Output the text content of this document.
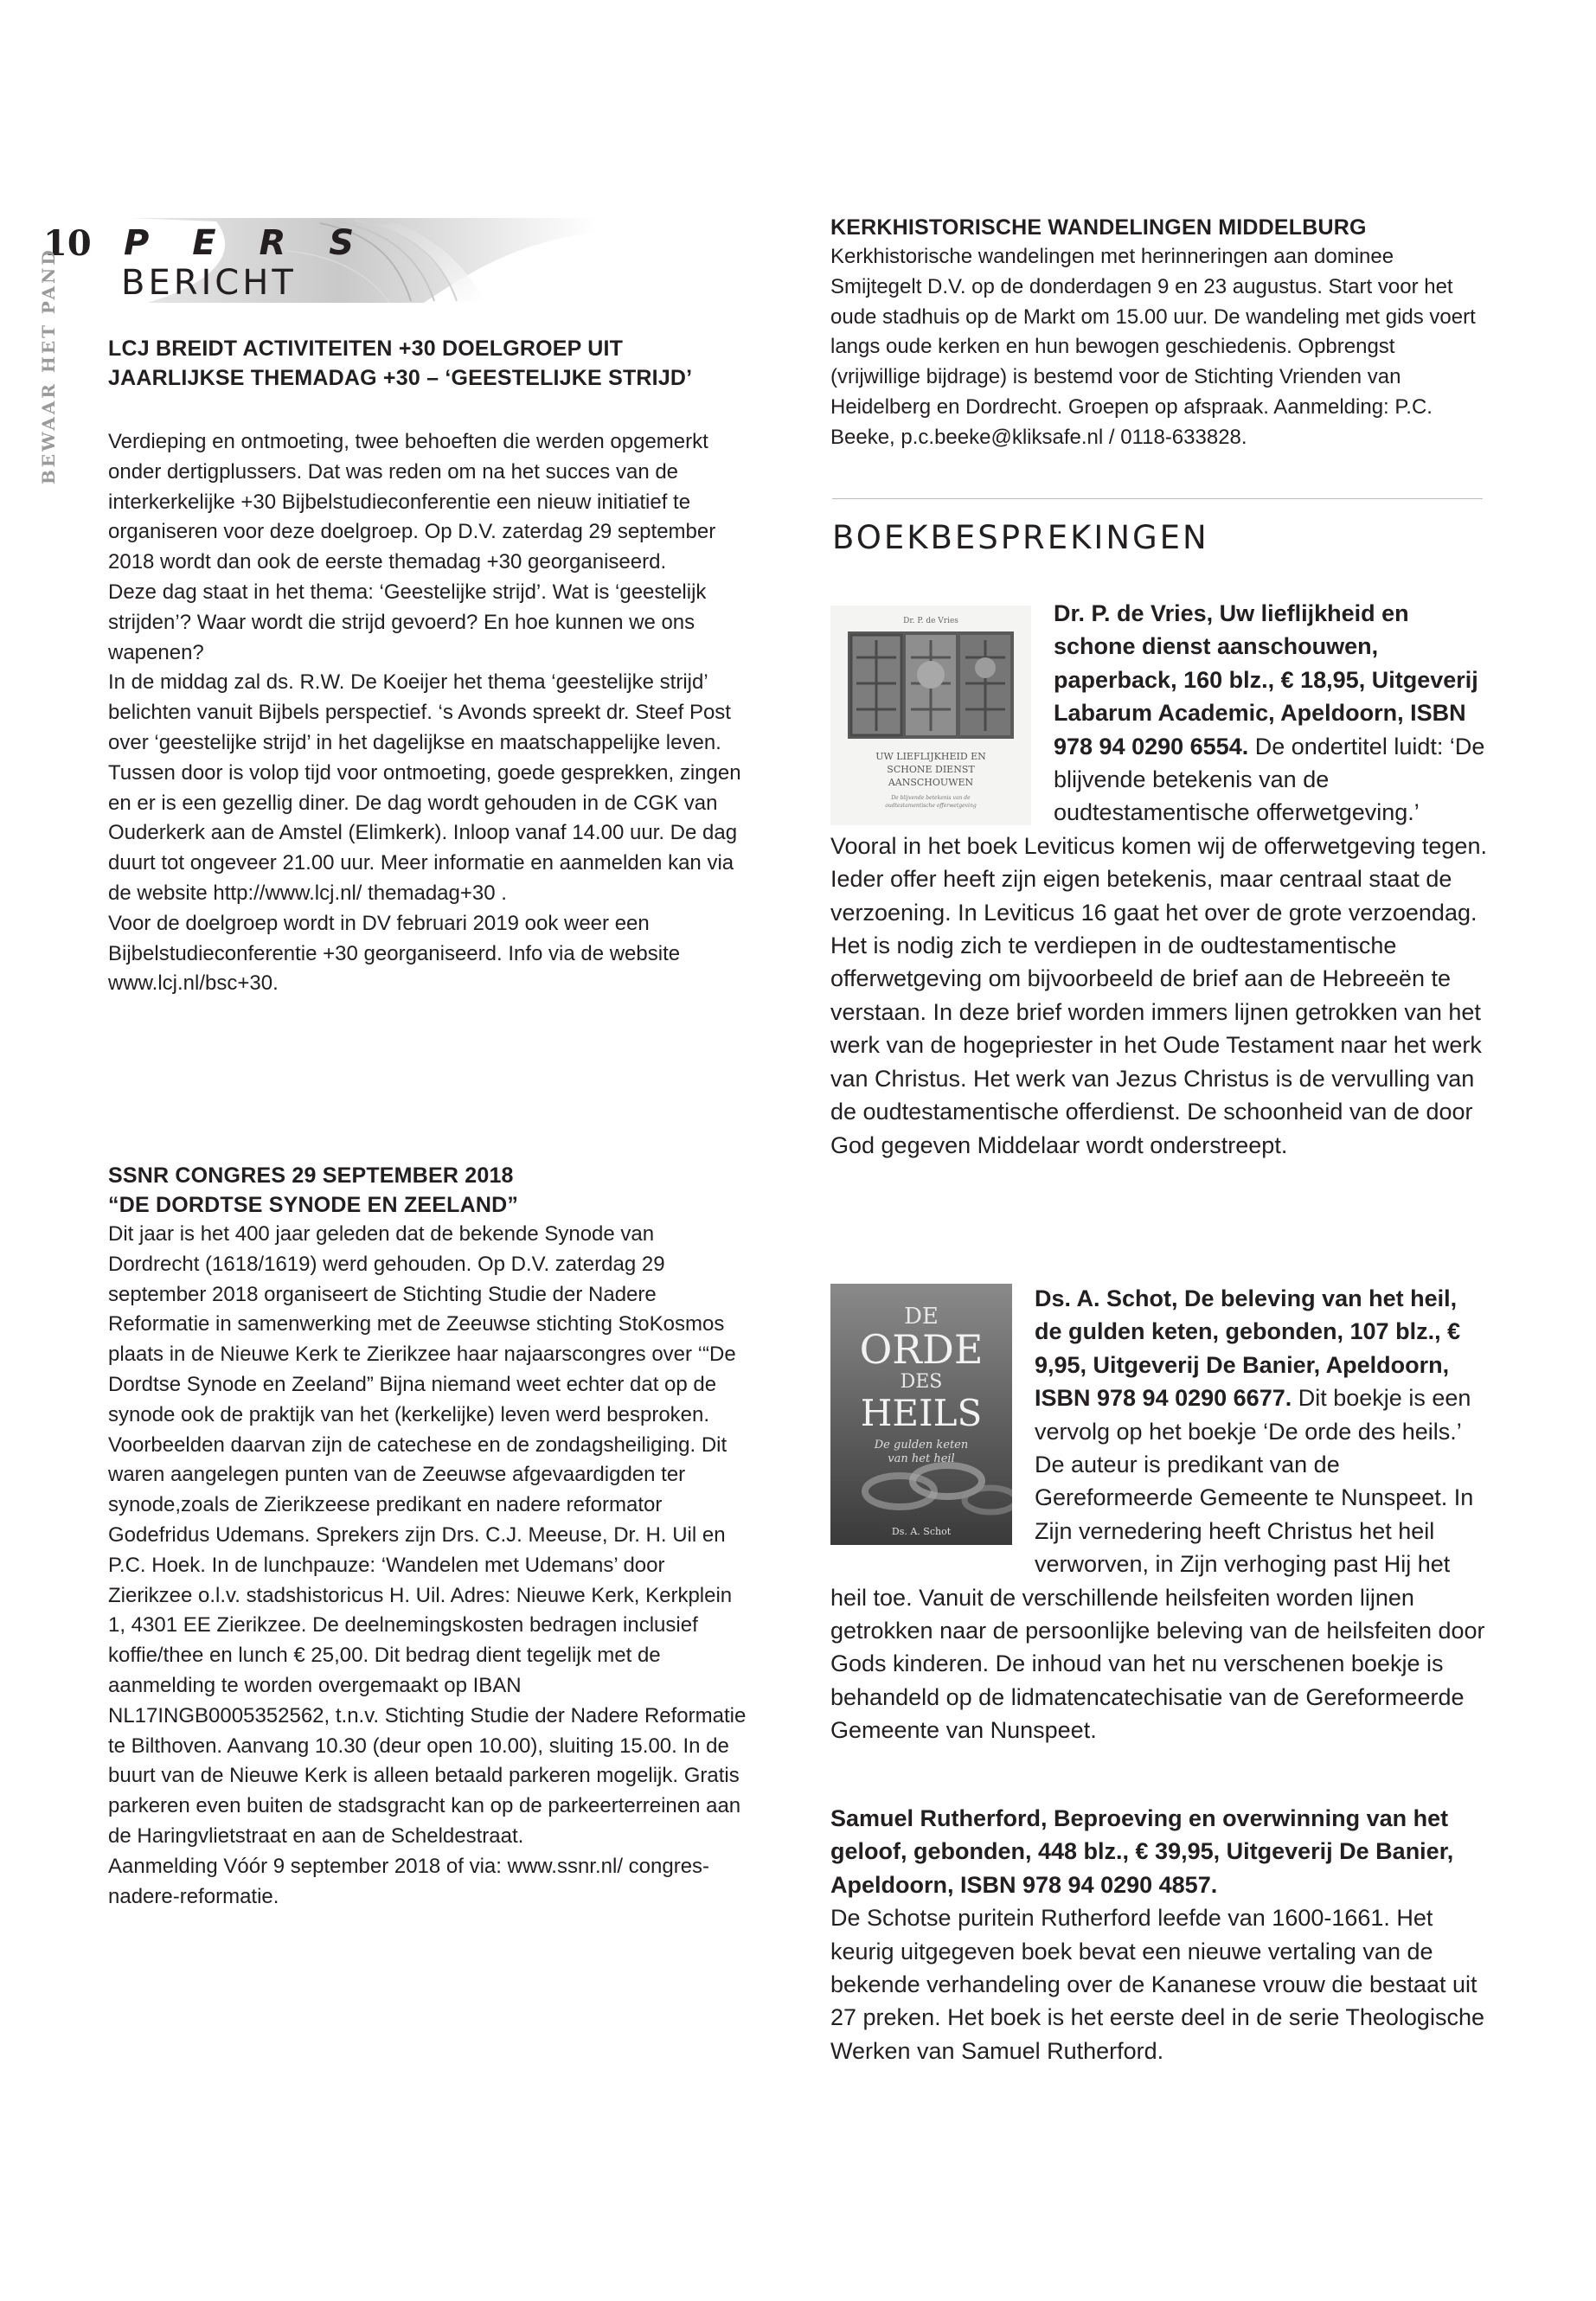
10
BEWAAR HET PAND
P E R S
BERICHT
LCJ BREIDT ACTIVITEITEN +30 DOELGROEP UIT
JAARLIJKSE THEMADAG +30 – ‘GEESTELIJKE STRIJD’
Verdieping en ontmoeting, twee behoeften die werden opgemerkt onder dertigplussers. Dat was reden om na het succes van de interkerkelijke +30 Bijbelstudieconferentie een nieuw initiatief te organiseren voor deze doelgroep. Op D.V. zaterdag 29 september 2018 wordt dan ook de eerste themadag +30 georganiseerd.
Deze dag staat in het thema: ‘Geestelijke strijd’. Wat is ‘geestelijk strijden’? Waar wordt die strijd gevoerd? En hoe kunnen we ons wapenen?
In de middag zal ds. R.W. De Koeijer het thema ‘geestelijke strijd’ belichten vanuit Bijbels perspectief. ‘s Avonds spreekt dr. Steef Post over ‘geestelijke strijd’ in het dagelijkse en maatschappelijke leven.
Tussen door is volop tijd voor ontmoeting, goede gesprekken, zingen en er is een gezellig diner. De dag wordt gehouden in de CGK van Ouderkerk aan de Amstel (Elimkerk). Inloop vanaf 14.00 uur. De dag duurt tot ongeveer 21.00 uur. Meer informatie en aanmelden kan via de website http://www.lcj.nl/ themadag+30 .
Voor de doelgroep wordt in DV februari 2019 ook weer een Bijbelstudieconferentie +30 georganiseerd. Info via de website www.lcj.nl/bsc+30.
SSNR CONGRES 29 SEPTEMBER 2018
“DE DORDTSE SYNODE EN ZEELAND”
Dit jaar is het 400 jaar geleden dat de bekende Synode van Dordrecht (1618/1619) werd gehouden. Op D.V. zaterdag 29 september 2018 organiseert de Stichting Studie der Nadere Reformatie in samenwerking met de Zeeuwse stichting StoKosmos plaats in de Nieuwe Kerk te Zierikzee haar najaarscongres over ‘“De Dordtse Synode en Zeeland” Bijna niemand weet echter dat op de synode ook de praktijk van het (kerkelijke) leven werd besproken. Voorbeelden daarvan zijn de catechese en de zondagsheiliging. Dit waren aangelegen punten van de Zeeuwse afgevaardigden ter synode,zoals de Zierikzeese predikant en nadere reformator Godefridus Udemans. Sprekers zijn Drs. C.J. Meeuse, Dr. H. Uil en P.C. Hoek. In de lunchpauze: ‘Wandelen met Udemans’ door Zierikzee o.l.v. stadshistoricus H. Uil. Adres: Nieuwe Kerk, Kerkplein 1, 4301 EE Zierikzee. De deelnemingskosten bedragen inclusief koffie/thee en lunch € 25,00. Dit bedrag dient tegelijk met de aanmelding te worden overgemaakt op IBAN NL17INGB0005352562, t.n.v. Stichting Studie der Nadere Reformatie te Bilthoven. Aanvang 10.30 (deur open 10.00), sluiting 15.00. In de buurt van de Nieuwe Kerk is alleen betaald parkeren mogelijk. Gratis parkeren even buiten de stadsgracht kan op de parkeerterreinen aan de Haringvlietstraat en aan de Scheldestraat.
Aanmelding Vóór 9 september 2018 of via: www.ssnr.nl/ congres-nadere-reformatie.
KERKHISTORISCHE WANDELINGEN MIDDELBURG

Kerkhistorische wandelingen met herinneringen aan dominee Smijtegelt D.V. op de donderdagen 9 en 23 augustus. Start voor het oude stadhuis op de Markt om 15.00 uur. De wandeling met gids voert langs oude kerken en hun bewogen geschiedenis. Opbrengst (vrijwillige bijdrage) is bestemd voor de Stichting Vrienden van Heidelberg en Dordrecht. Groepen op afspraak. Aanmelding: P.C. Beeke, p.c.beeke@kliksafe.nl / 0118-633828.

BOEKBESPREKINGEN
Dr. P. de Vries
UW LIEFLIJKHEID EN
SCHONE DIENST
AANSCHOUWEN
De blijvende betekenis van de
oudtestamentische offerwetgeving
Dr. P. de Vries, Uw lieflijkheid en schone dienst aanschouwen, paperback, 160 blz., € 18,95, Uitgeverij Labarum Academic, Apeldoorn, ISBN 978 94 0290 6554. De ondertitel luidt: ‘De blijvende betekenis van de oudtestamentische offerwetgeving.’ Vooral in het boek Leviticus komen wij de offerwetgeving tegen. Ieder offer heeft zijn eigen betekenis, maar centraal staat de verzoening. In Leviticus 16 gaat het over de grote verzoendag. Het is nodig zich te verdiepen in de oudtestamentische offerwetgeving om bijvoorbeeld de brief aan de Hebreeën te verstaan. In deze brief worden immers lijnen getrokken van het werk van de hogepriester in het Oude Testament naar het werk van Christus. Het werk van Jezus Christus is de vervulling van de oudtestamentische offerdienst. De schoonheid van de door God gegeven Middelaar wordt onderstreept.
DE
ORDE
DES
HEILS
De gulden keten
van het heil
Ds. A. Schot
Ds. A. Schot, De beleving van het heil, de gulden keten, gebonden, 107 blz., € 9,95, Uitgeverij De Banier, Apeldoorn, ISBN 978 94 0290 6677. Dit boekje is een vervolg op het boekje ‘De orde des heils.’ De auteur is predikant van de Gereformeerde Gemeente te Nunspeet. In Zijn vernedering heeft Christus het heil verworven, in Zijn verhoging past Hij het heil toe. Vanuit de verschillende heilsfeiten worden lijnen getrokken naar de persoonlijke beleving van de heilsfeiten door Gods kinderen. De inhoud van het nu verschenen boekje is behandeld op de lidmatencatechisatie van de Gereformeerde Gemeente van Nunspeet.
Samuel Rutherford, Beproeving en overwinning van het geloof, gebonden, 448 blz., € 39,95, Uitgeverij De Banier, Apeldoorn, ISBN 978 94 0290 4857.
De Schotse puritein Rutherford leefde van 1600-1661. Het keurig uitgegeven boek bevat een nieuwe vertaling van de bekende verhandeling over de Kananese vrouw die bestaat uit 27 preken. Het boek is het eerste deel in de serie Theologische Werken van Samuel Rutherford.
